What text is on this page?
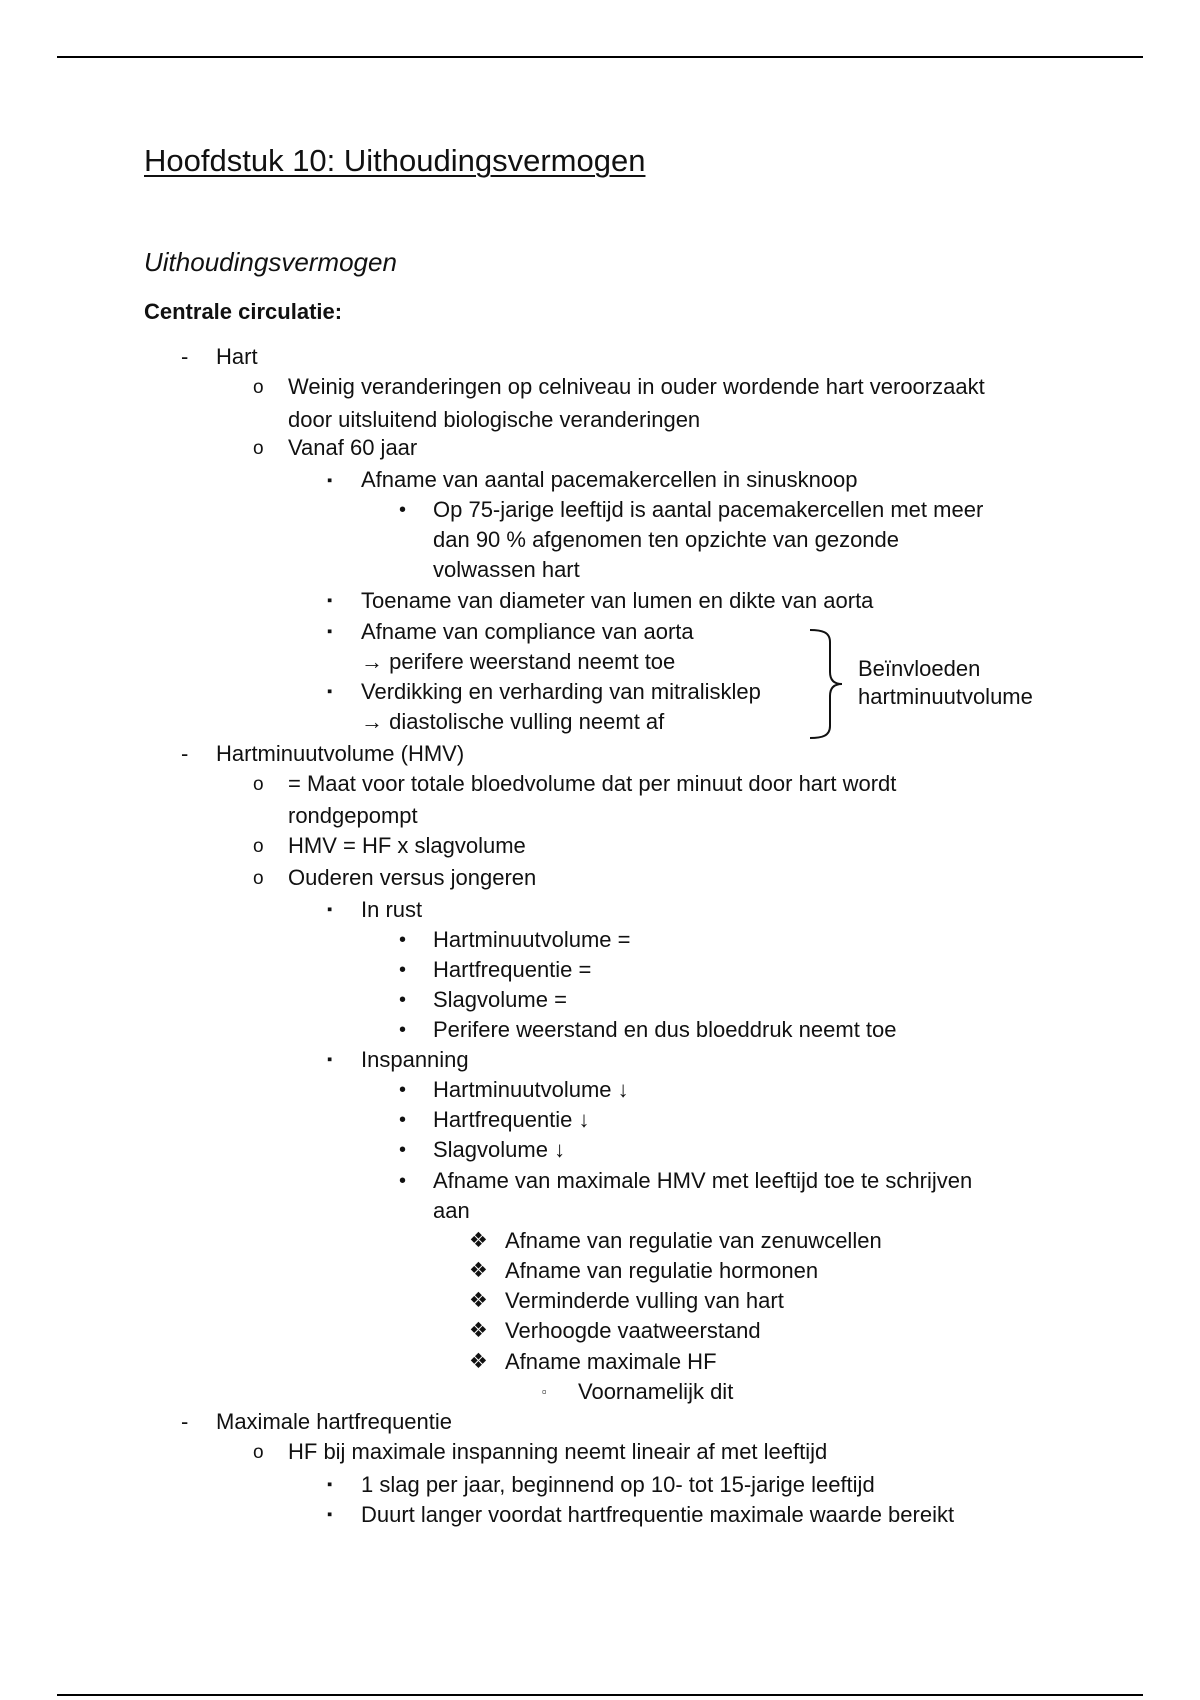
Hoofdstuk 10: Uithoudingsvermogen
Uithoudingsvermogen
Centrale circulatie:
- Hart
o Weinig veranderingen op celniveau in ouder wordende hart veroorzaakt
door uitsluitend biologische veranderingen
o Vanaf 60 jaar
▪ Afname van aantal pacemakercellen in sinusknoop
• Op 75-jarige leeftijd is aantal pacemakercellen met meer
dan 90 % afgenomen ten opzichte van gezonde
volwassen hart
▪ Toename van diameter van lumen en dikte van aorta
▪ Afname van compliance van aorta
→ perifere weerstand neemt toe
▪ Verdikking en verharding van mitralisklep
→ diastolische vulling neemt af
Beïnvloeden
hartminuutvolume
- Hartminuutvolume (HMV)
o = Maat voor totale bloedvolume dat per minuut door hart wordt
rondgepompt
o HMV = HF x slagvolume
o Ouderen versus jongeren
▪ In rust
• Hartminuutvolume =
• Hartfrequentie =
• Slagvolume =
• Perifere weerstand en dus bloeddruk neemt toe
▪ Inspanning
• Hartminuutvolume ↓
• Hartfrequentie ↓
• Slagvolume ↓
• Afname van maximale HMV met leeftijd toe te schrijven
aan
❖ Afname van regulatie van zenuwcellen
❖ Afname van regulatie hormonen
❖ Verminderde vulling van hart
❖ Verhoogde vaatweerstand
❖ Afname maximale HF
▫ Voornamelijk dit
- Maximale hartfrequentie
o HF bij maximale inspanning neemt lineair af met leeftijd
▪ 1 slag per jaar, beginnend op 10- tot 15-jarige leeftijd
▪ Duurt langer voordat hartfrequentie maximale waarde bereikt
